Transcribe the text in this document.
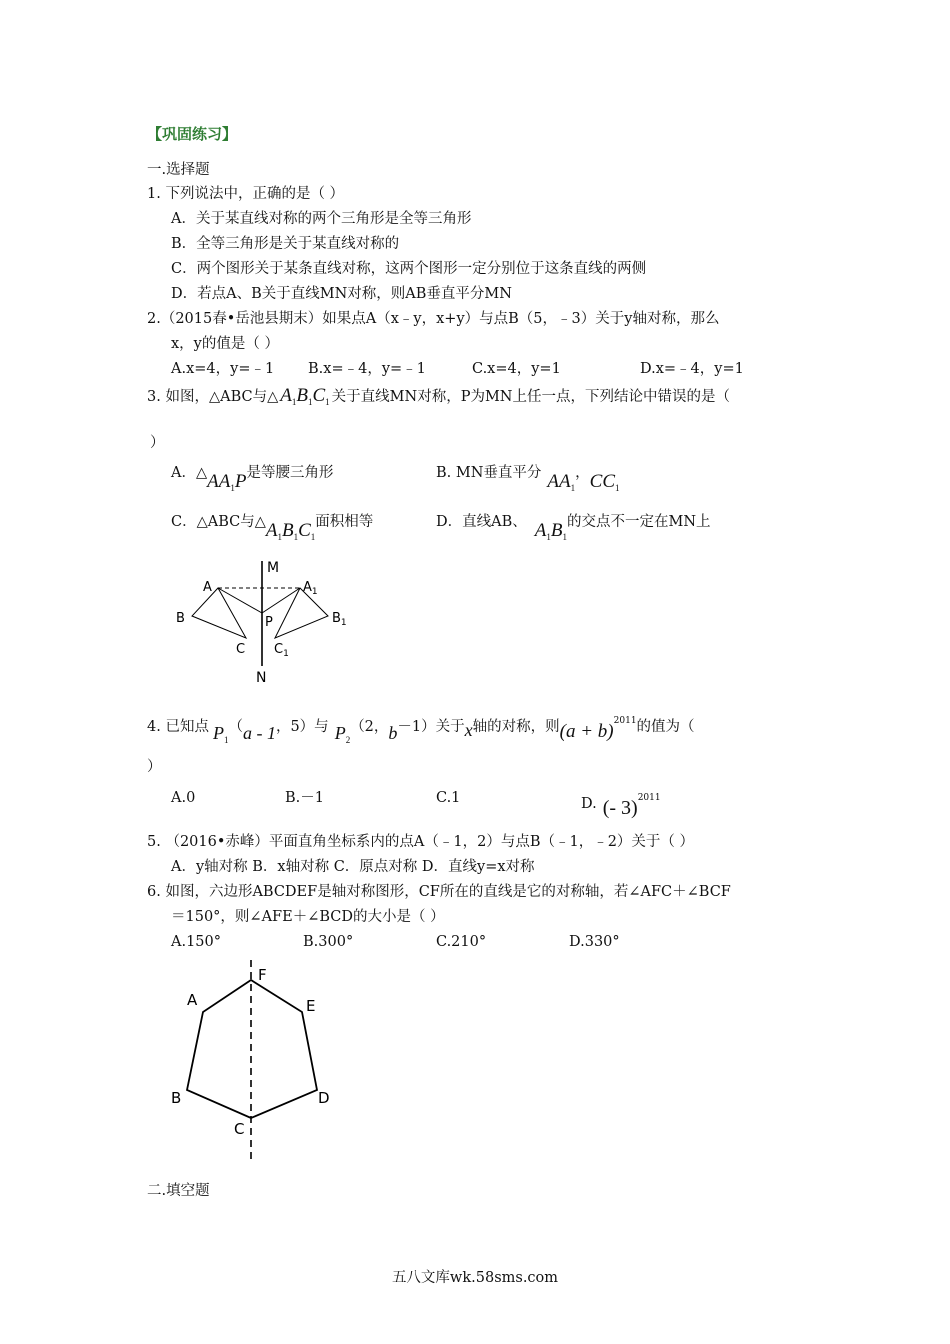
【巩固练习】
一.选择题
1. 下列说法中，正确的是（ ）
A．关于某直线对称的两个三角形是全等三角形
B．全等三角形是关于某直线对称的
C．两个图形关于某条直线对称，这两个图形一定分别位于这条直线的两侧
D．若点A、B关于直线MN对称，则AB垂直平分MN
2.（2015春•岳池县期末）如果点A（x﹣y，x+y）与点B（5，﹣3）关于y轴对称，那么
x，y的值是（ ）
A.x=4，y=﹣1 B.x=﹣4，y=﹣1	C.x=4，y=1	D.x=﹣4，y=1
3. 如图，△ABC与△ $A_1B_1C_1$ 关于直线MN对称，P为MN上任一点，下列结论中错误的是（
）
A．$\triangle AA_1P$是等腰三角形	B. MN垂直平分 $AA_1$，$CC_1$
C．△ABC与$\triangle A_1B_1C_1$面积相等	D．直线AB、 $A_1B_1$的交点不一定在MN上
M
N
A
B
C
P
$A_1$
$B_1$
$C_1$
4. 已知点 $P_1(a - 1$，5）与 $P_2(2$，b－1）关于x轴的对称，则$(a + b)^{2011}$的值为（
）
A.0	B.－1	C.1	D. (- 3)$^{2011}$
5. （2016•赤峰）平面直角坐标系内的点A（﹣1，2）与点B（﹣1，﹣2）关于（ ）
A．y轴对称 B．x轴对称 C．原点对称 D．直线y=x对称
6. 如图，六边形ABCDEF是轴对称图形，CF所在的直线是它的对称轴，若∠AFC＋∠BCF
＝150°，则∠AFE＋∠BCD的大小是（ ）
A.150°	B.300°	C.210°	D.330°
F
A	E
B	D
C
二.填空题
五八文库wk.58sms.com
